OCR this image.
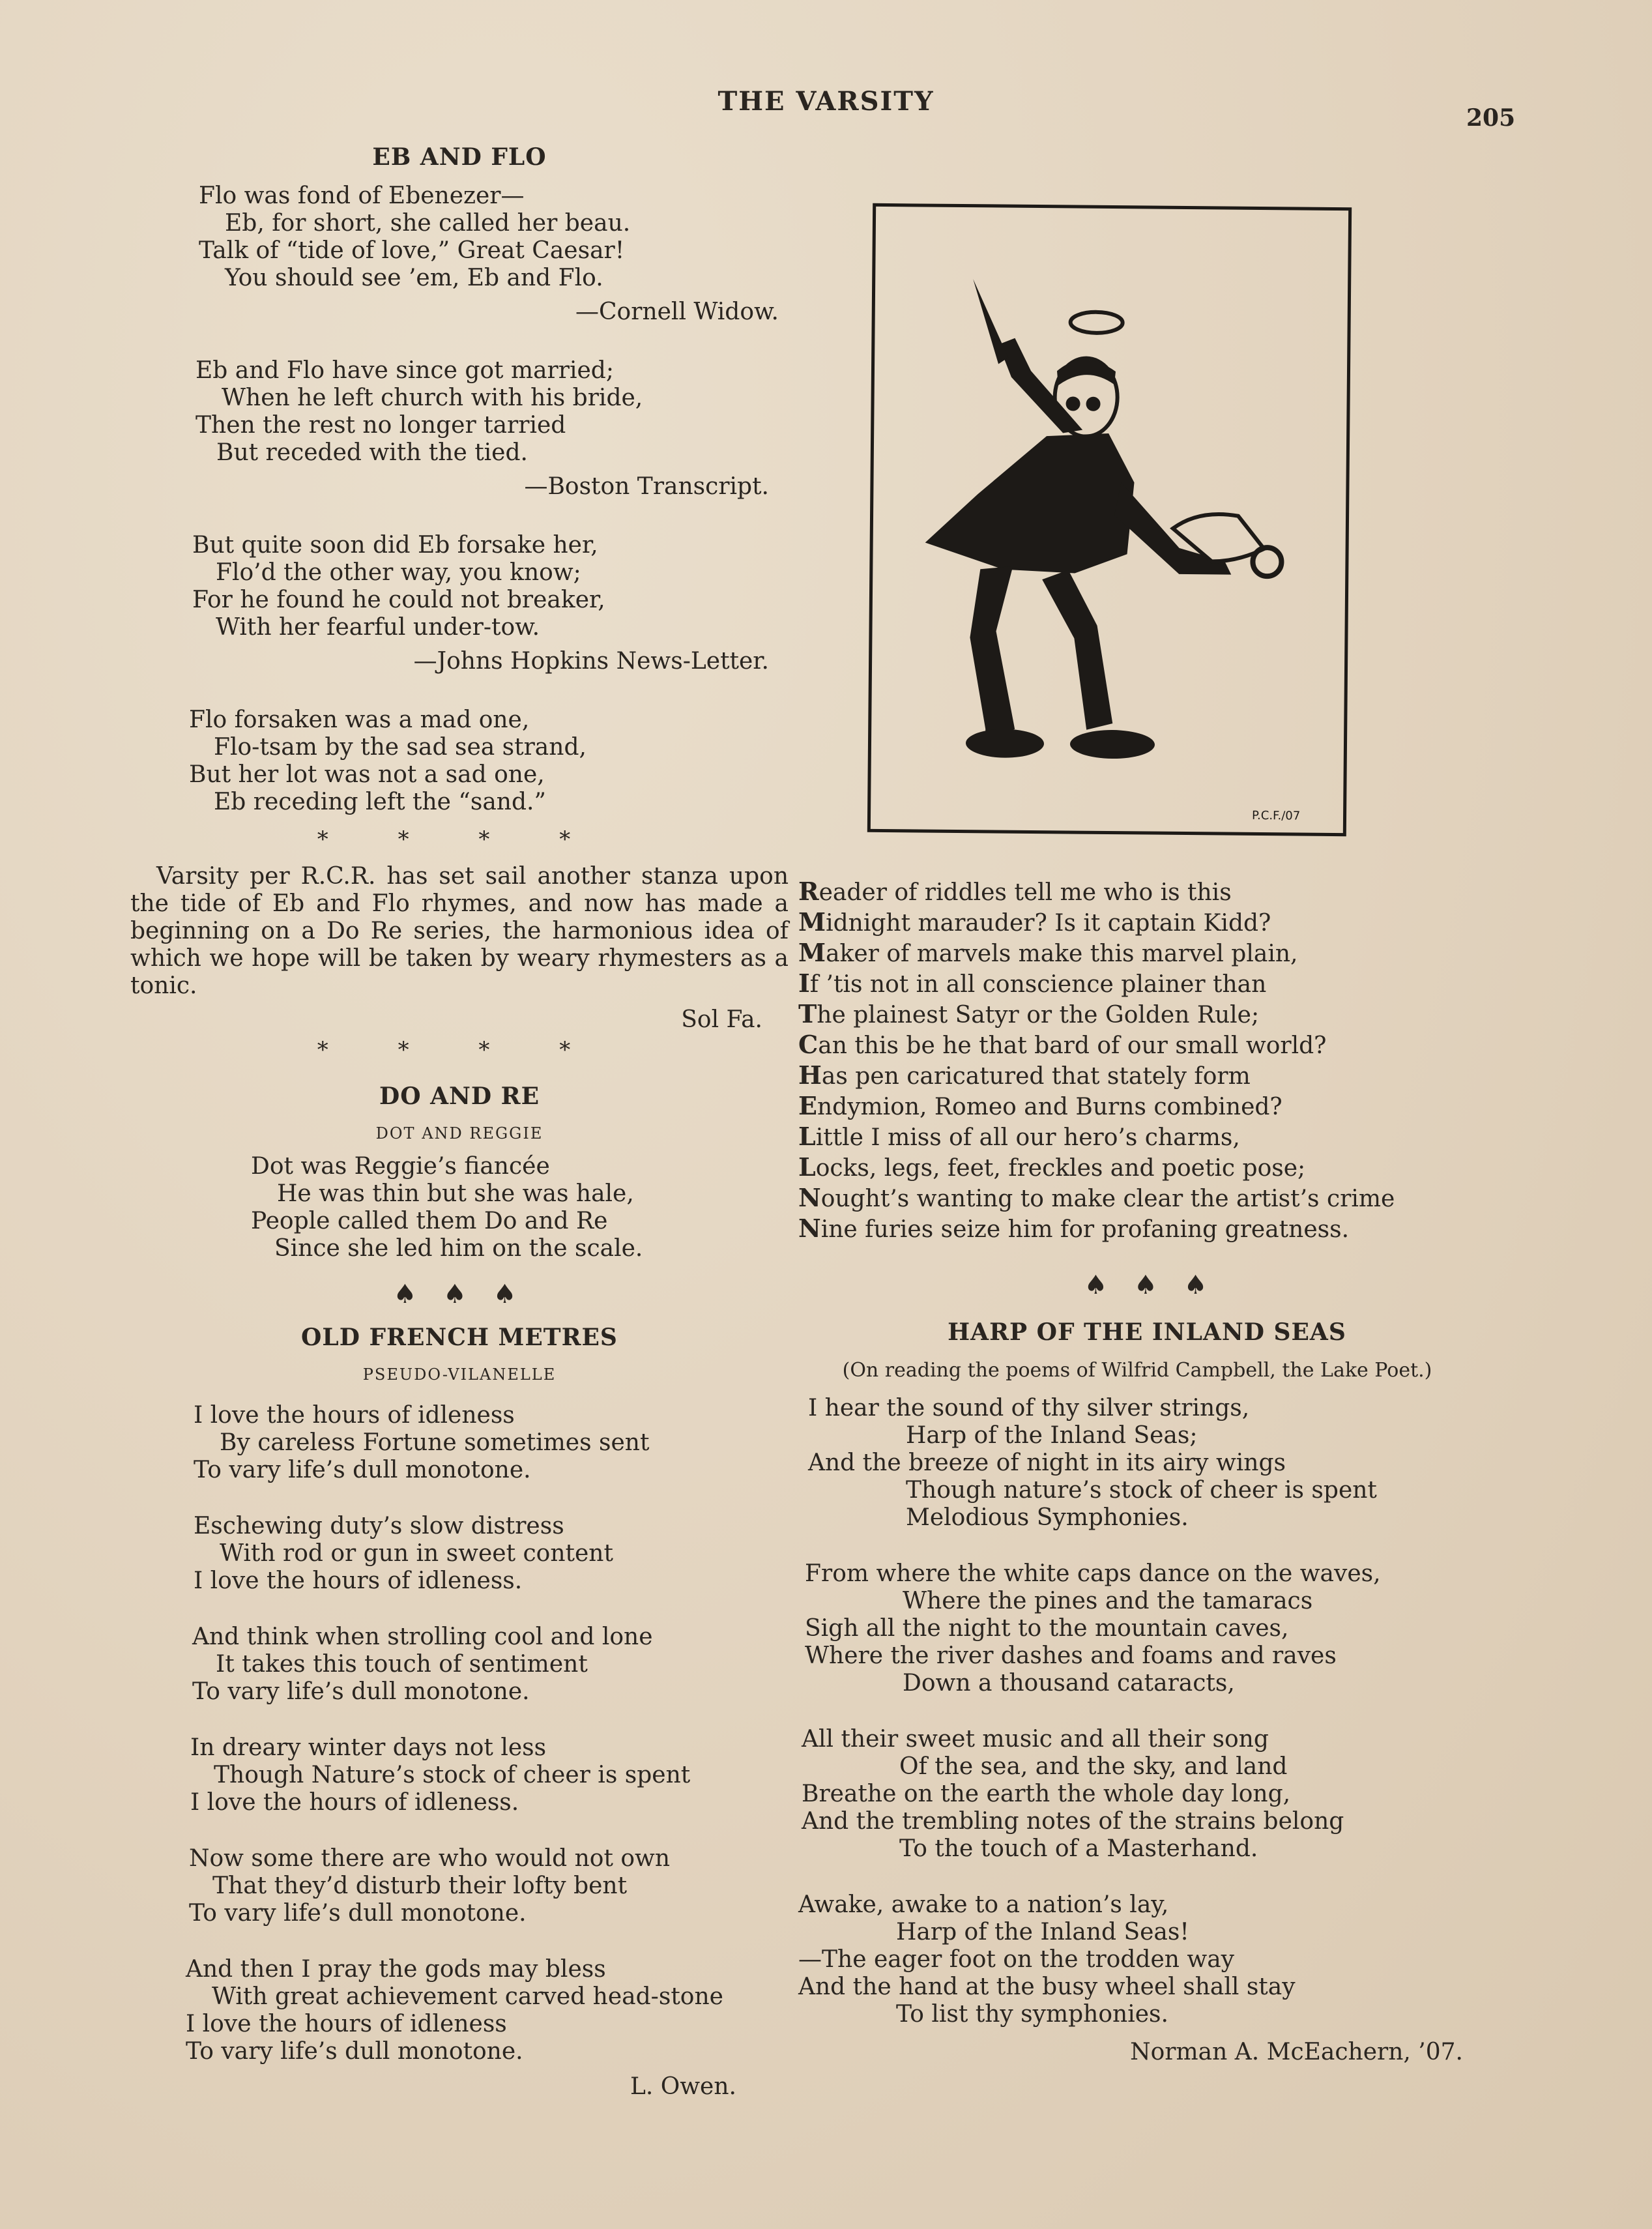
THE VARSITY
205
EB AND FLO
Flo was fond of Ebenezer—
Eb, for short, she called her beau.
Talk of “tide of love,” Great Caesar!
You should see ’em, Eb and Flo.
—Cornell Widow.
Eb and Flo have since got married;
When he left church with his bride,
Then the rest no longer tarried
But receded with the tied.
—Boston Transcript.
But quite soon did Eb forsake her,
Flo’d the other way, you know;
For he found he could not breaker,
With her fearful under-tow.
—Johns Hopkins News-Letter.
Flo forsaken was a mad one,
Flo-tsam by the sad sea strand,
But her lot was not a sad one,
Eb receding left the “sand.”
* * * *
Varsity per R.C.R. has set sail another stanza upon the tide of Eb and Flo rhymes, and now has made a beginning on a Do Re series, the harmonious idea of which we hope will be taken by weary rhymesters as a tonic.
Sol Fa.
* * * *
DO AND RE
DOT AND REGGIE
Dot was Reggie’s fiancée
He was thin but she was hale,
People called them Do and Re
Since she led him on the scale.
♠ ♠ ♠
OLD FRENCH METRES
PSEUDO-VILANELLE
I love the hours of idleness
By careless Fortune sometimes sent
To vary life’s dull monotone.
Eschewing duty’s slow distress
With rod or gun in sweet content
I love the hours of idleness.
And think when strolling cool and lone
It takes this touch of sentiment
To vary life’s dull monotone.
In dreary winter days not less
Though Nature’s stock of cheer is spent
I love the hours of idleness.
Now some there are who would not own
That they’d disturb their lofty bent
To vary life’s dull monotone.
And then I pray the gods may bless
With great achievement carved head-stone
I love the hours of idleness
To vary life’s dull monotone.
L. Owen.
P.C.F./07
Reader of riddles tell me who is this
Midnight marauder? Is it captain Kidd?
Maker of marvels make this marvel plain,
If ’tis not in all conscience plainer than
The plainest Satyr or the Golden Rule;
Can this be he that bard of our small world?
Has pen caricatured that stately form
Endymion, Romeo and Burns combined?
Little I miss of all our hero’s charms,
Locks, legs, feet, freckles and poetic pose;
Nought’s wanting to make clear the artist’s crime
Nine furies seize him for profaning greatness.
♠ ♠ ♠
HARP OF THE INLAND SEAS
(On reading the poems of Wilfrid Campbell, the Lake Poet.)
I hear the sound of thy silver strings,
Harp of the Inland Seas;
And the breeze of night in its airy wings
Though nature’s stock of cheer is spent
Melodious Symphonies.
From where the white caps dance on the waves,
Where the pines and the tamaracs
Sigh all the night to the mountain caves,
Where the river dashes and foams and raves
Down a thousand cataracts,
All their sweet music and all their song
Of the sea, and the sky, and land
Breathe on the earth the whole day long,
And the trembling notes of the strains belong
To the touch of a Masterhand.
Awake, awake to a nation’s lay,
Harp of the Inland Seas!
—The eager foot on the trodden way
And the hand at the busy wheel shall stay
To list thy symphonies.
Norman A. McEachern, ’07.
